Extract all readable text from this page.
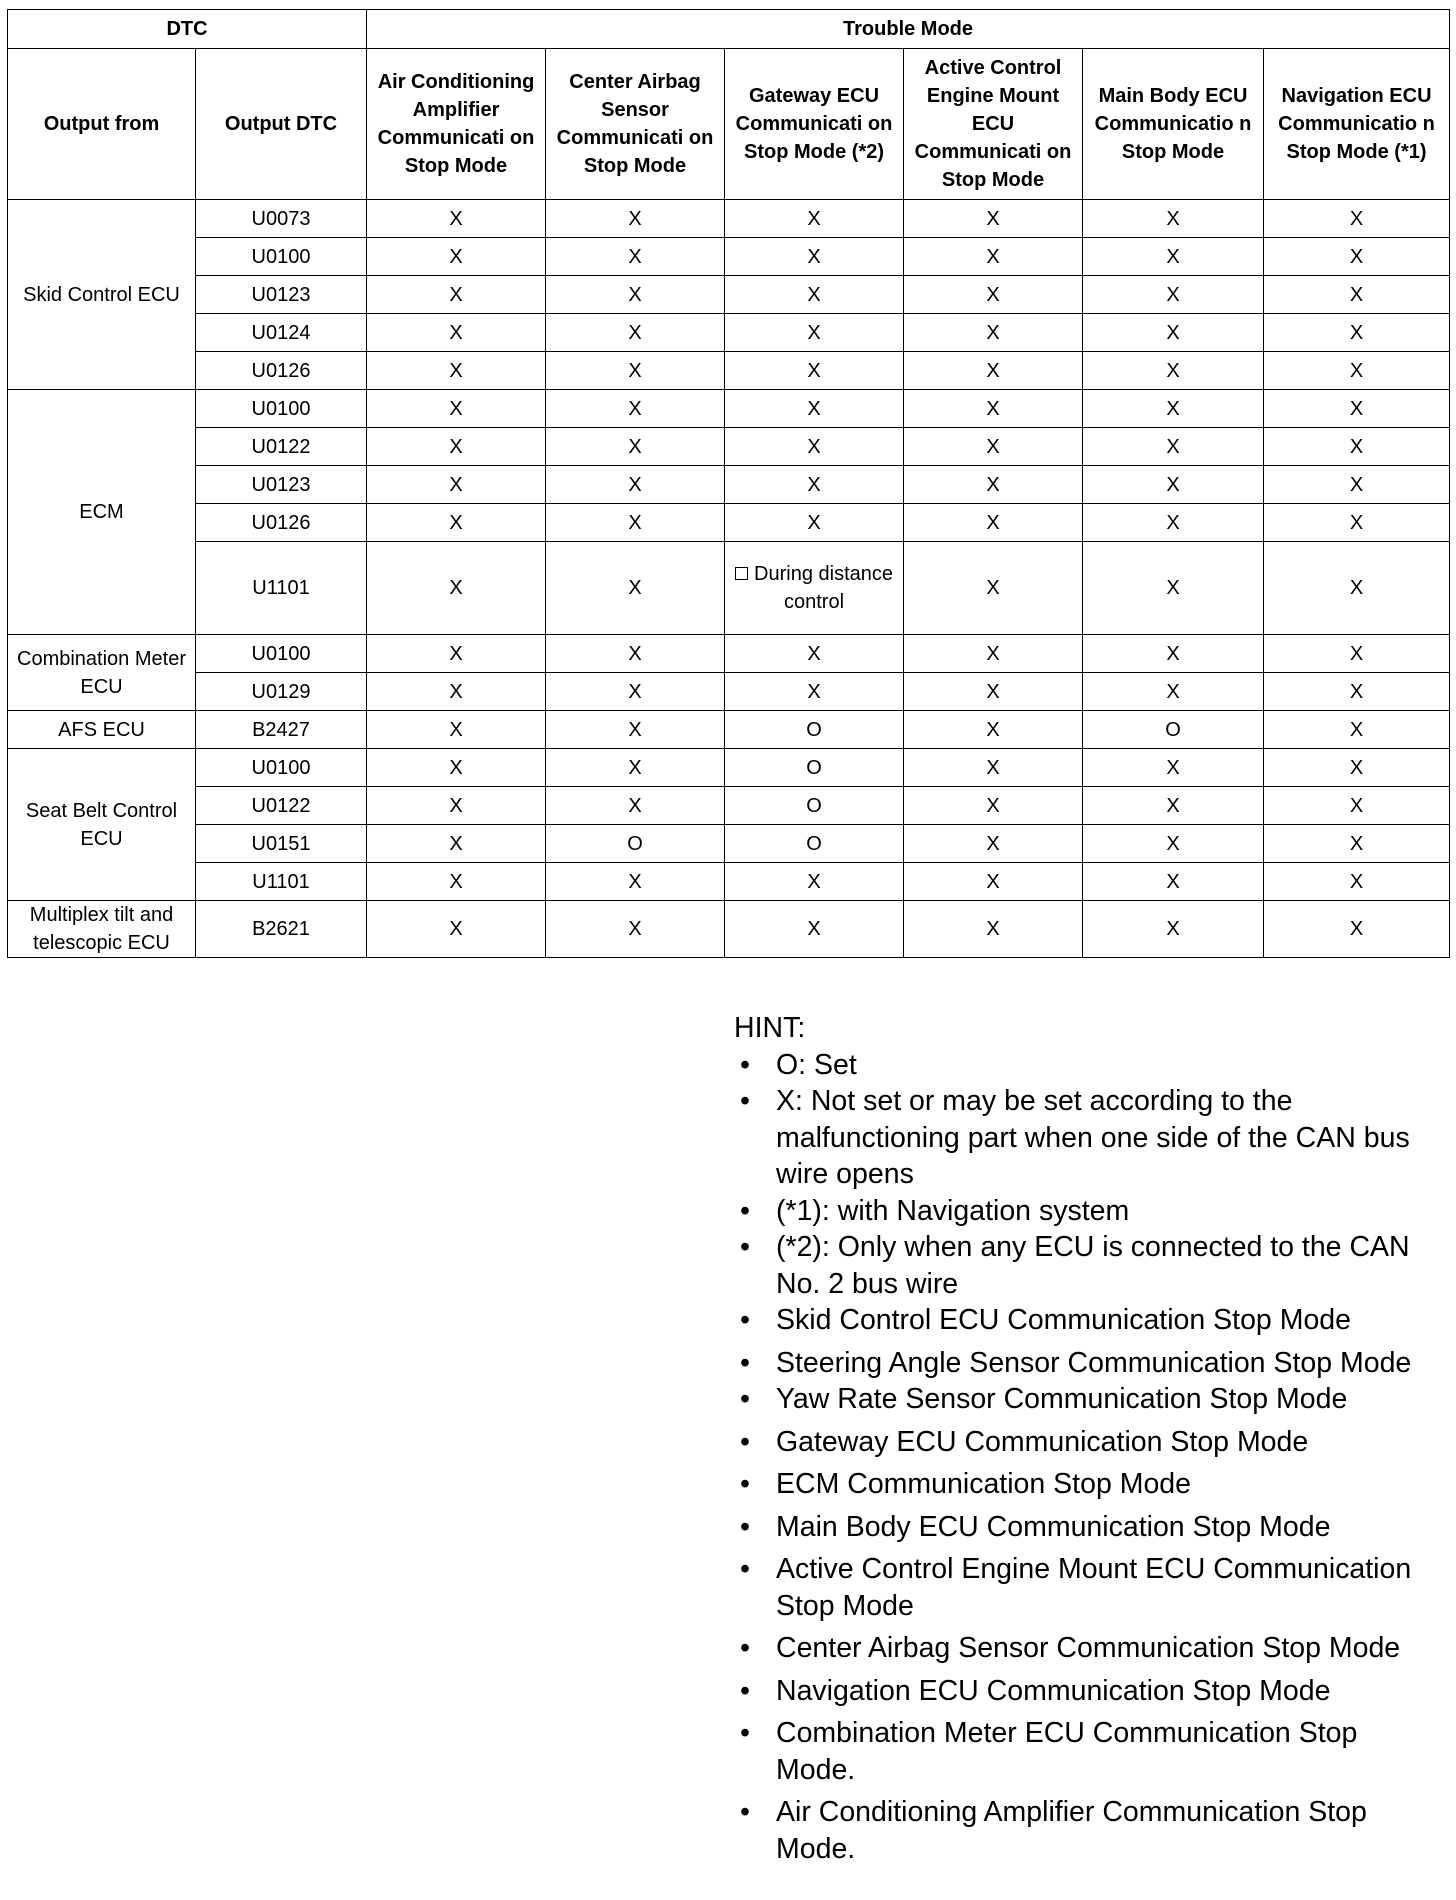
DTC		Trouble Mode					
Output from	Output DTC	Air Conditioning Amplifier Communicati on Stop Mode	Center Airbag Sensor Communicati on Stop Mode	Gateway ECU Communicati on Stop Mode (*2)	Active Control Engine Mount ECU Communicati on Stop Mode	Main Body ECU Communicatio n Stop Mode	Navigation ECU Communicatio n Stop Mode (*1)
Skid Control ECU	U0073	X	X	X	X	X	X
	U0100	X	X	X	X	X	X
	U0123	X	X	X	X	X	X
	U0124	X	X	X	X	X	X
	U0126	X	X	X	X	X	X
ECM	U0100	X	X	X	X	X	X
	U0122	X	X	X	X	X	X
	U0123	X	X	X	X	X	X
	U0126	X	X	X	X	X	X
	U1101	X	X	During distance control	X	X	X
Combination Meter ECU	U0100	X	X	X	X	X	X
	U0129	X	X	X	X	X	X
AFS ECU	B2427	X	X	O	X	O	X
Seat Belt Control ECU	U0100	X	X	O	X	X	X
	U0122	X	X	O	X	X	X
	U0151	X	O	O	X	X	X
	U1101	X	X	X	X	X	X
Multiplex tilt and telescopic ECU	B2621	X	X	X	X	X	X

HINT:

• O: Set
• X: Not set or may be set according to the malfunctioning part when one side of the CAN bus wire opens
• (*1): with Navigation system
• (*2): Only when any ECU is connected to the CAN No. 2 bus wire
• Skid Control ECU Communication Stop Mode
• Steering Angle Sensor Communication Stop Mode
• Yaw Rate Sensor Communication Stop Mode
• Gateway ECU Communication Stop Mode
• ECM Communication Stop Mode
• Main Body ECU Communication Stop Mode
• Active Control Engine Mount ECU Communication Stop Mode
• Center Airbag Sensor Communication Stop Mode
• Navigation ECU Communication Stop Mode
• Combination Meter ECU Communication Stop Mode.
• Air Conditioning Amplifier Communication Stop Mode.
